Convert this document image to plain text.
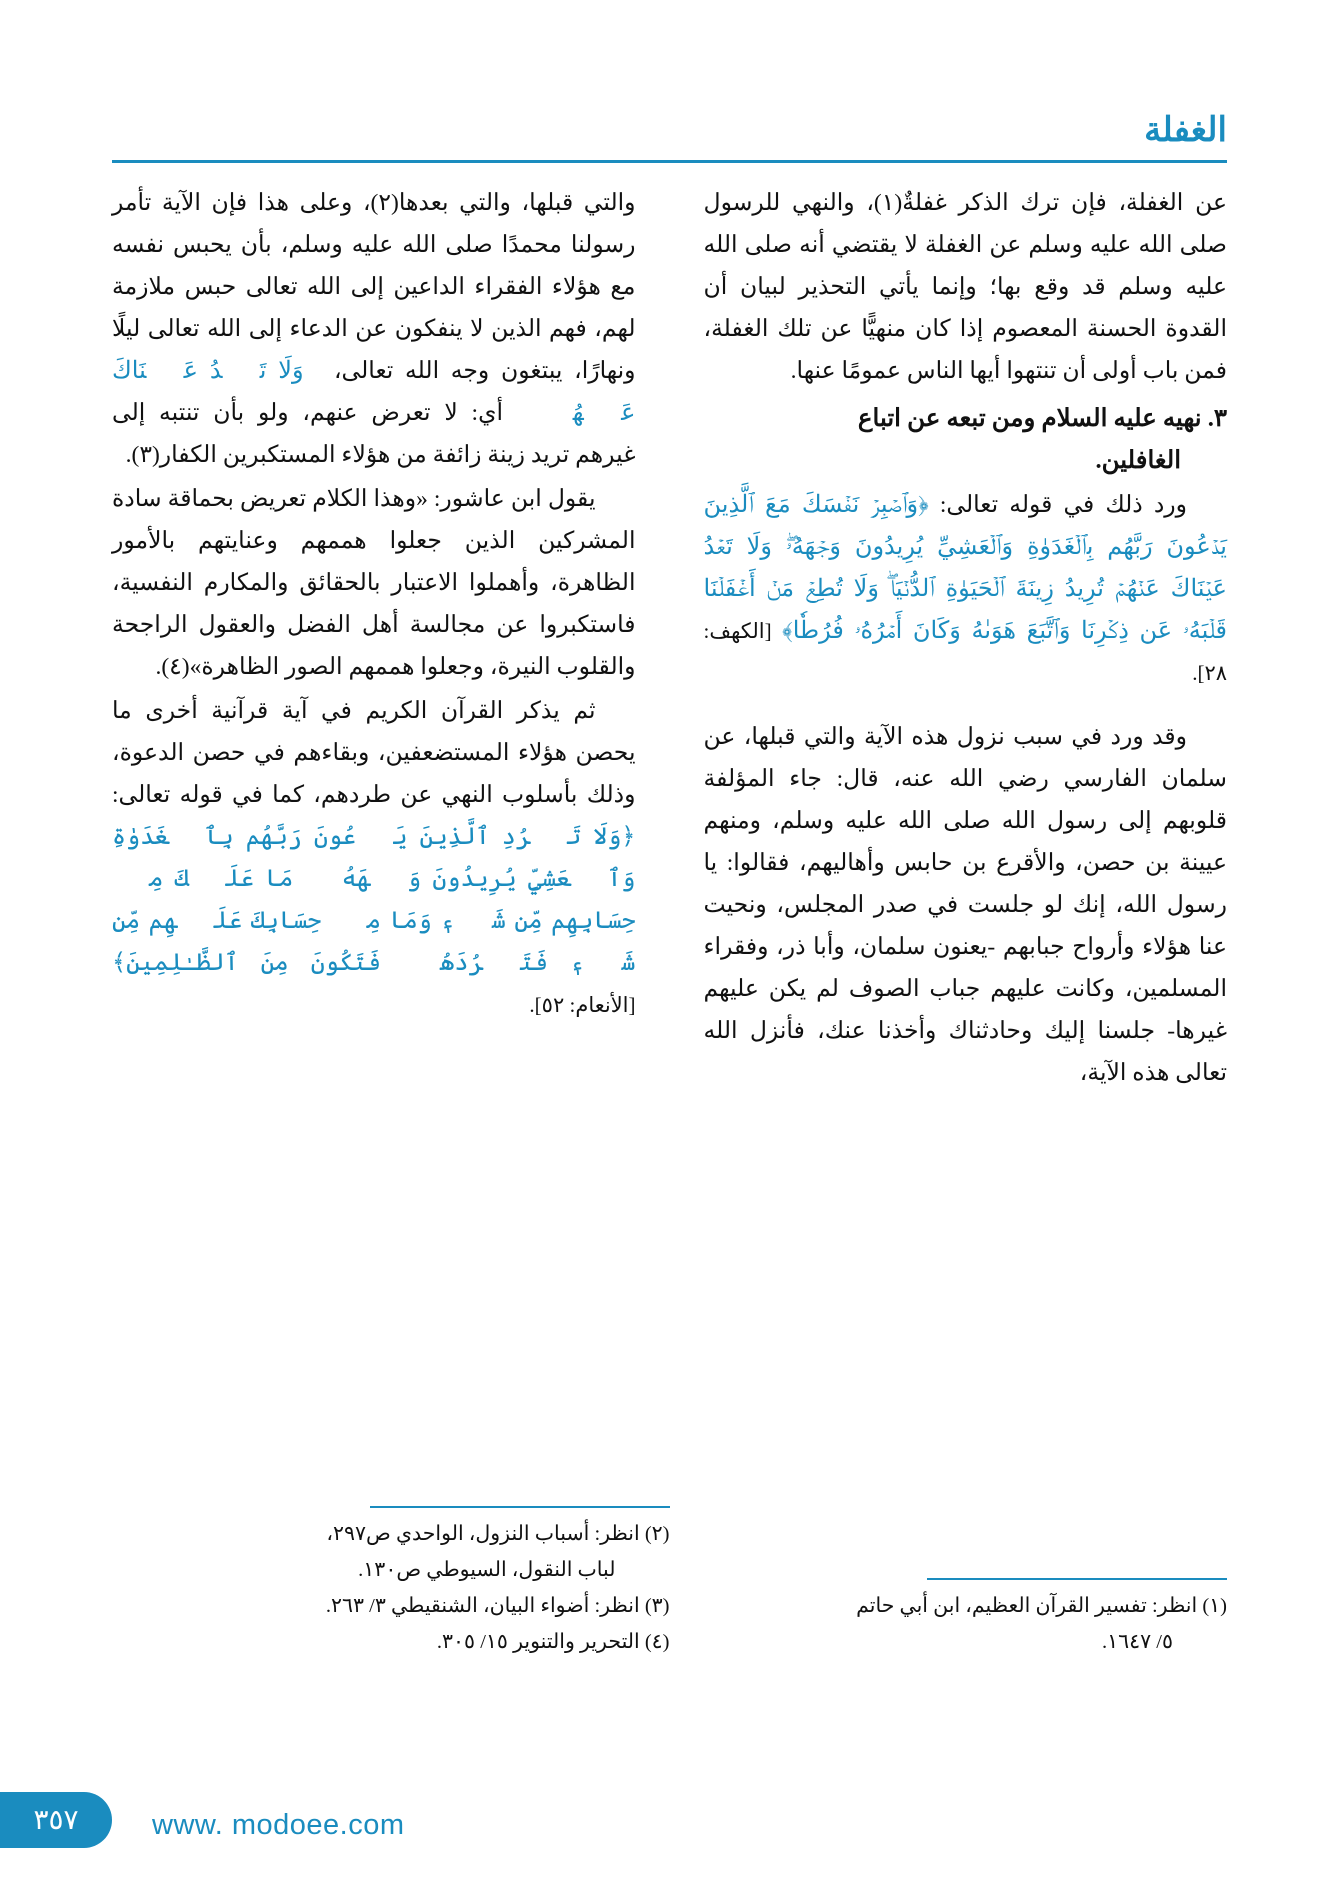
الغفلة

عن الغفلة، فإن ترك الذكر غفلةٌ(١)، والنهي للرسول صلى الله عليه وسلم عن الغفلة لا يقتضي أنه صلى الله عليه وسلم قد وقع بها؛ وإنما يأتي التحذير لبيان أن القدوة الحسنة المعصوم إذا كان منهيًّا عن تلك الغفلة، فمن باب أولى أن تنتهوا أيها الناس عمومًا عنها.

٣. نهيه عليه السلام ومن تبعه عن اتباع
الغافلين.

ورد ذلك في قوله تعالى: ﴿وَٱصۡبِرۡ نَفۡسَكَ مَعَ ٱلَّذِينَ يَدۡعُونَ رَبَّهُم بِٱلۡغَدَوٰةِ وَٱلۡعَشِيِّ يُرِيدُونَ وَجۡهَهُۥۖ وَلَا تَعۡدُ عَيۡنَاكَ عَنۡهُمۡ تُرِيدُ زِينَةَ ٱلۡحَيَوٰةِ ٱلدُّنۡيَاۖ وَلَا تُطِعۡ مَنۡ أَغۡفَلۡنَا قَلۡبَهُۥ عَن ذِكۡرِنَا وَٱتَّبَعَ هَوَىٰهُ وَكَانَ أَمۡرُهُۥ فُرُطٗا﴾ [الكهف: ٢٨].

وقد ورد في سبب نزول هذه الآية والتي قبلها، عن سلمان الفارسي رضي الله عنه، قال: جاء المؤلفة قلوبهم إلى رسول الله صلى الله عليه وسلم، ومنهم عيينة بن حصن، والأقرع بن حابس وأهاليهم، فقالوا: يا رسول الله، إنك لو جلست في صدر المجلس، ونحيت عنا هؤلاء وأرواح جبابهم -يعنون سلمان، وأبا ذر، وفقراء المسلمين، وكانت عليهم جباب الصوف لم يكن عليهم غيرها- جلسنا إليك وحادثناك وأخذنا عنك، فأنزل الله تعالى هذه الآية،

(١) انظر: تفسير القرآن العظيم، ابن أبي حاتم

٥/ ١٦٤٧.

والتي قبلها، والتي بعدها(٢)، وعلى هذا فإن الآية تأمر رسولنا محمدًا صلى الله عليه وسلم، بأن يحبس نفسه مع هؤلاء الفقراء الداعين إلى الله تعالى حبس ملازمة لهم، فهم الذين لا ينفكون عن الدعاء إلى الله تعالى ليلًا ونهارًا، يبتغون وجه الله تعالى، ﴿وَلَا تَعۡدُ عَيۡنَاكَ عَنۡهُمۡ﴾ أي: لا تعرض عنهم، ولو بأن تنتبه إلى غيرهم تريد زينة زائفة من هؤلاء المستكبرين الكفار(٣).

يقول ابن عاشور: «وهذا الكلام تعريض بحماقة سادة المشركين الذين جعلوا هممهم وعنايتهم بالأمور الظاهرة، وأهملوا الاعتبار بالحقائق والمكارم النفسية، فاستكبروا عن مجالسة أهل الفضل والعقول الراجحة والقلوب النيرة، وجعلوا هممهم الصور الظاهرة»(٤).

ثم يذكر القرآن الكريم في آية قرآنية أخرى ما يحصن هؤلاء المستضعفين، وبقاءهم في حصن الدعوة، وذلك بأسلوب النهي عن طردهم، كما في قوله تعالى: ﴿وَلَا تَطۡرُدِ ٱلَّذِينَ يَدۡعُونَ رَبَّهُم بِٱلۡغَدَوٰةِ وَٱلۡعَشِيِّ يُرِيدُونَ وَجۡهَهُۥۖ مَا عَلَيۡكَ مِنۡ حِسَابِهِم مِّن شَيۡءٖ وَمَا مِنۡ حِسَابِكَ عَلَيۡهِم مِّن شَيۡءٖ فَتَطۡرُدَهُمۡ فَتَكُونَ مِنَ ٱلظَّـٰلِمِينَ﴾ [الأنعام: ٥٢].

(٢) انظر: أسباب النزول، الواحدي ص٢٩٧،

لباب النقول، السيوطي ص١٣٠.

(٣) انظر: أضواء البيان، الشنقيطي ٣/ ٢٦٣.

(٤) التحرير والتنوير ١٥/ ٣٠٥.

٣٥٧	www. modoee.com
